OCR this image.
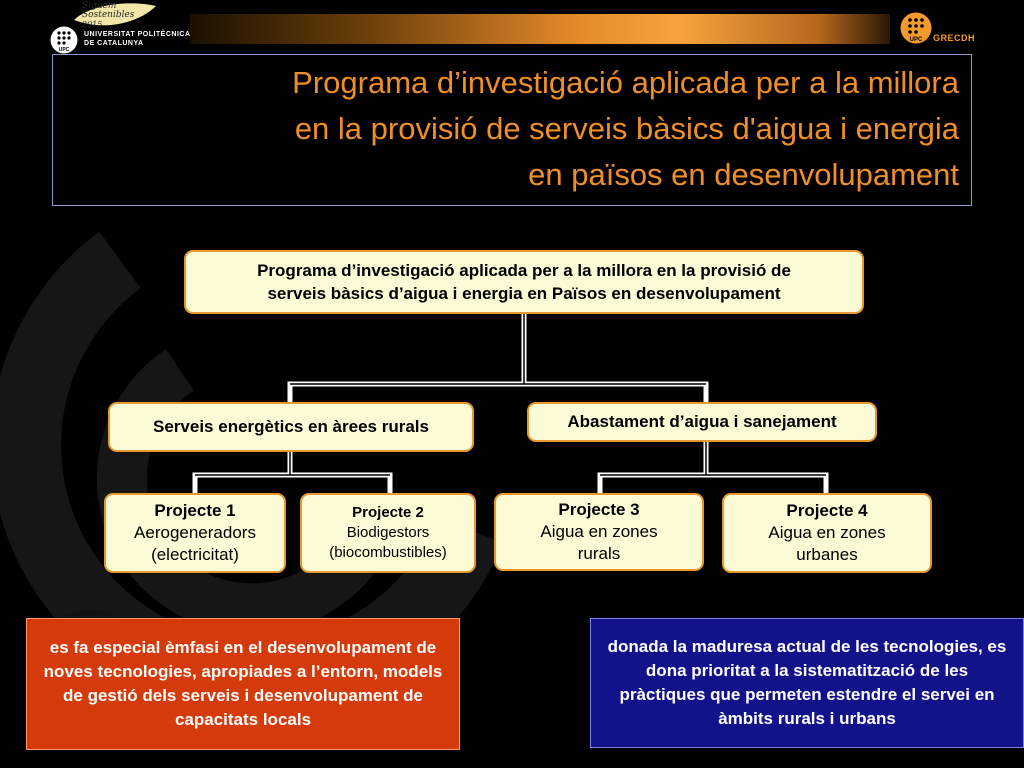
Siguem
Sostenibles 2015
UPC
UNIVERSITAT POLITÈCNICA
DE CATALUNYA	UPC GRECDH
Programa d’investigació aplicada per a la millora
en la provisió de serveis bàsics d'aigua i energia
en països en desenvolupament
Programa d’investigació aplicada per a la millora en la provisió de
serveis bàsics d’aigua i energia en Països en desenvolupament
Serveis energètics en àrees rurals	Abastament d’aigua i sanejament
Projecte 1
Aerogeneradors
(electricitat)
Projecte 2
Biodigestors
(biocombustibles)
Projecte 3
Aigua en zones
rurals
Projecte 4
Aigua en zones
urbanes
es fa especial èmfasi en el desenvolupament de noves tecnologies, apropiades a l’entorn, models de gestió dels serveis i desenvolupament de capacitats locals
donada la maduresa actual de les tecnologies, es dona prioritat a la sistematització de les pràctiques que permeten estendre el servei en àmbits rurals i urbans
